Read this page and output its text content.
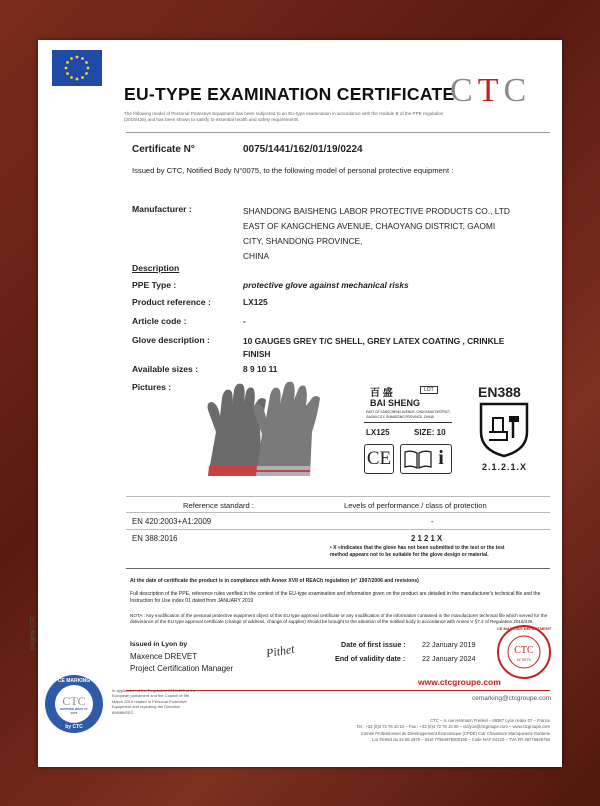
EU-TYPE EXAMINATION CERTIFICATE
CTC
The following model of Personal Protective Equipment has been subjected to an EU-type examination in accordance with the module B of the PPE regulation (2016/425) and has been shown to satisfy to essential health and safety requirements.
Certificate N°	0075/1441/162/01/19/0224
Issued by CTC, Notified Body N°0075, to the following model of personal protective equipment :
Manufacturer :	SHANDONG BAISHENG LABOR PROTECTIVE PRODUCTS CO., LTD
EAST OF KANGCHENG AVENUE, CHAOYANG DISTRICT, GAOMI
CITY, SHANDONG PROVINCE,
CHINA
Description
PPE Type :	protective glove against mechanical risks
Product reference :	LX125
Article code :	-
Glove description :	10 GAUGES GREY T/C SHELL, GREY LATEX COATING , CRINKLE
FINISH
Available sizes :	8 9 10 11
Pictures :
百 盛	LOT
BAI SHENG
EAST OF KANGCHENG AVENUE, CHAOYANG DISTRICT,
GAOMI CITY, SHANDONG PROVINCE, CHINA
LX125	SIZE: 10
CE i
EN388
2.1.2.1.X
Reference standard :	Levels of performance / class of protection
EN 420:2003+A1:2009	-
EN 388:2016	2 1 2 1 X
• X »indicates that the glove has not been submitted to the test or the test
method appears not to be suitable for the glove design or material.
At the date of certificate the product is in compliance with Annex XVII of REACh regulation (n° 1907/2006 and revisions)
Full description of the PPE, reference rules verified in the context of the EU-type examination and information given on the product are detailed in the manufacturer's technical file and the Instruction for Use index 01 dated from JANUARY 2019
NOTA : Any modification of the personal protective equipment object of this EU type approval certificate or any modification of the information contained in the manufacturer technical file which served for the deliverance of the EU type approval certificate (change of address, change of supplier) should be brought to the attention of the notified body in accordance with Annex V §7.2 of Regulation 2016/425.
Issued in Lyon by
Maxence DREVET
Project Certification Manager
Pithet	Date of first issue : 22 January 2019
End of validity date : 22 January 2024
CE MARKING DEPARTMENT
CTC
N°0075
www.ctcgroupe.com
cemarking@ctcgroupe.com
CE MARKING
CTC
NOTIFIED BODY N° 0075
by CTC
In application of the Regulation 2016/425 of the European parliament and the Council of 9th March 2016 related to Personal Protective Equipment and repealing the Directive 89/686/EEC.
CTC – 4, rue Hermann Frenkel – 69367 Lyon cedex 07 – France
Tel : +33 (0)4 72 76 10 10 – Fax : +33 (0)4 72 76 10 00 – ctclyon@ctcgroupe.com – www.ctcgroupe.com
Comité Professionnel de Développement Économique (CPDE) Cuir Chaussure Maroquinerie Ganterie
Loi 78-654 du 22.06.1978 – Siret 77564975000190 – Code NAF 9412Z – TVA FR 48775649756
Original CTC
